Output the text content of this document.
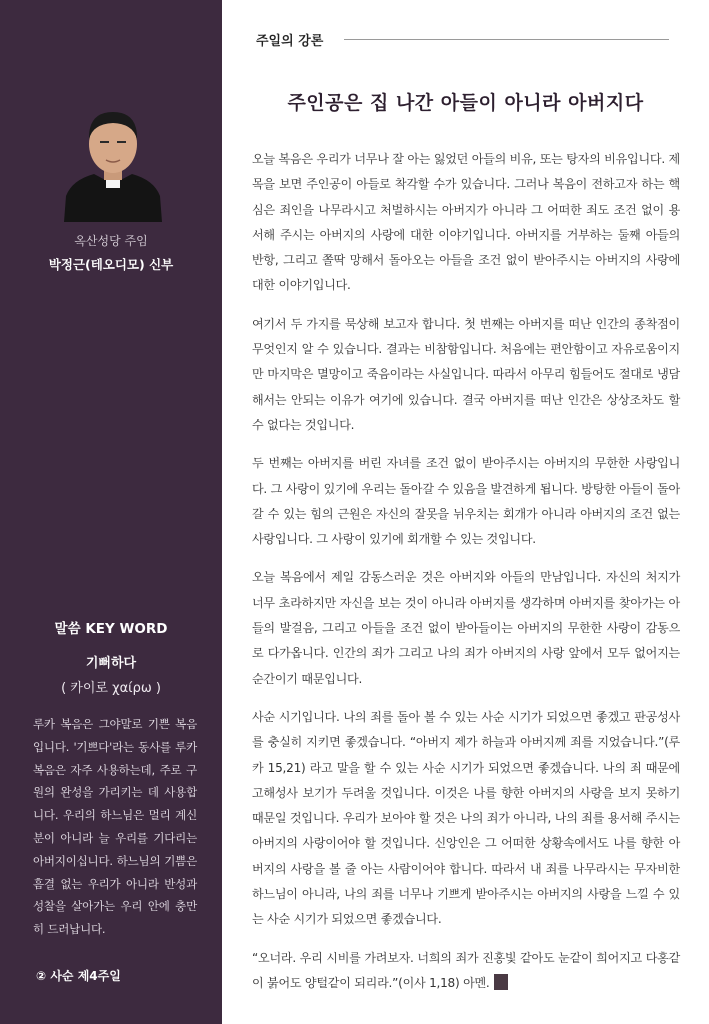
옥산성당 주임
박정근(테오디모) 신부
말씀 KEY WORD
기뻐하다
( 카이로 χαίρω )
루카 복음은 그야말로 기쁜 복음입니다. '기쁘다'라는 동사를 루카복음은 자주 사용하는데, 주로 구원의 완성을 가리키는 데 사용합니다. 우리의 하느님은 멀리 계신 분이 아니라 늘 우리를 기다리는 아버지이십니다. 하느님의 기쁨은 흠결 없는 우리가 아니라 반성과 성찰을 살아가는 우리 안에 충만히 드러납니다.
② 사순 제4주일
주일의 강론
주인공은 집 나간 아들이 아니라 아버지다

오늘 복음은 우리가 너무나 잘 아는 잃었던 아들의 비유, 또는 탕자의 비유입니다. 제목을 보면 주인공이 아들로 착각할 수가 있습니다. 그러나 복음이 전하고자 하는 핵심은 죄인을 나무라시고 처벌하시는 아버지가 아니라 그 어떠한 죄도 조건 없이 용서해 주시는 아버지의 사랑에 대한 이야기입니다. 아버지를 거부하는 둘째 아들의 반항, 그리고 쫄딱 망해서 돌아오는 아들을 조건 없이 받아주시는 아버지의 사랑에 대한 이야기입니다.

여기서 두 가지를 묵상해 보고자 합니다. 첫 번째는 아버지를 떠난 인간의 종착점이 무엇인지 알 수 있습니다. 결과는 비참함입니다. 처음에는 편안함이고 자유로움이지만 마지막은 멸망이고 죽음이라는 사실입니다. 따라서 아무리 힘들어도 절대로 냉담해서는 안되는 이유가 여기에 있습니다. 결국 아버지를 떠난 인간은 상상조차도 할 수 없다는 것입니다.

두 번째는 아버지를 버린 자녀를 조건 없이 받아주시는 아버지의 무한한 사랑입니다. 그 사랑이 있기에 우리는 돌아갈 수 있음을 발견하게 됩니다. 방탕한 아들이 돌아갈 수 있는 힘의 근원은 자신의 잘못을 뉘우치는 회개가 아니라 아버지의 조건 없는 사랑입니다. 그 사랑이 있기에 회개할 수 있는 것입니다.

오늘 복음에서 제일 감동스러운 것은 아버지와 아들의 만남입니다. 자신의 처지가 너무 초라하지만 자신을 보는 것이 아니라 아버지를 생각하며 아버지를 찾아가는 아들의 발걸음, 그리고 아들을 조건 없이 받아들이는 아버지의 무한한 사랑이 감동으로 다가옵니다. 인간의 죄가 그리고 나의 죄가 아버지의 사랑 앞에서 모두 없어지는 순간이기 때문입니다.

사순 시기입니다. 나의 죄를 돌아 볼 수 있는 사순 시기가 되었으면 좋겠고 판공성사를 충실히 지키면 좋겠습니다. “아버지 제가 하늘과 아버지께 죄를 지었습니다.”(루카 15,21) 라고 말을 할 수 있는 사순 시기가 되었으면 좋겠습니다. 나의 죄 때문에 고해성사 보기가 두려울 것입니다. 이것은 나를 향한 아버지의 사랑을 보지 못하기 때문일 것입니다. 우리가 보아야 할 것은 나의 죄가 아니라, 나의 죄를 용서해 주시는 아버지의 사랑이어야 할 것입니다. 신앙인은 그 어떠한 상황속에서도 나를 향한 아버지의 사랑을 볼 줄 아는 사람이어야 합니다. 따라서 내 죄를 나무라시는 무자비한 하느님이 아니라, 나의 죄를 너무나 기쁘게 받아주시는 아버지의 사랑을 느낄 수 있는 사순 시기가 되었으면 좋겠습니다.

“오너라. 우리 시비를 가려보자. 너희의 죄가 진홍빛 같아도 눈같이 희어지고 다홍같이 붉어도 양털같이 되리라.”(이사 1,18) 아멘.
